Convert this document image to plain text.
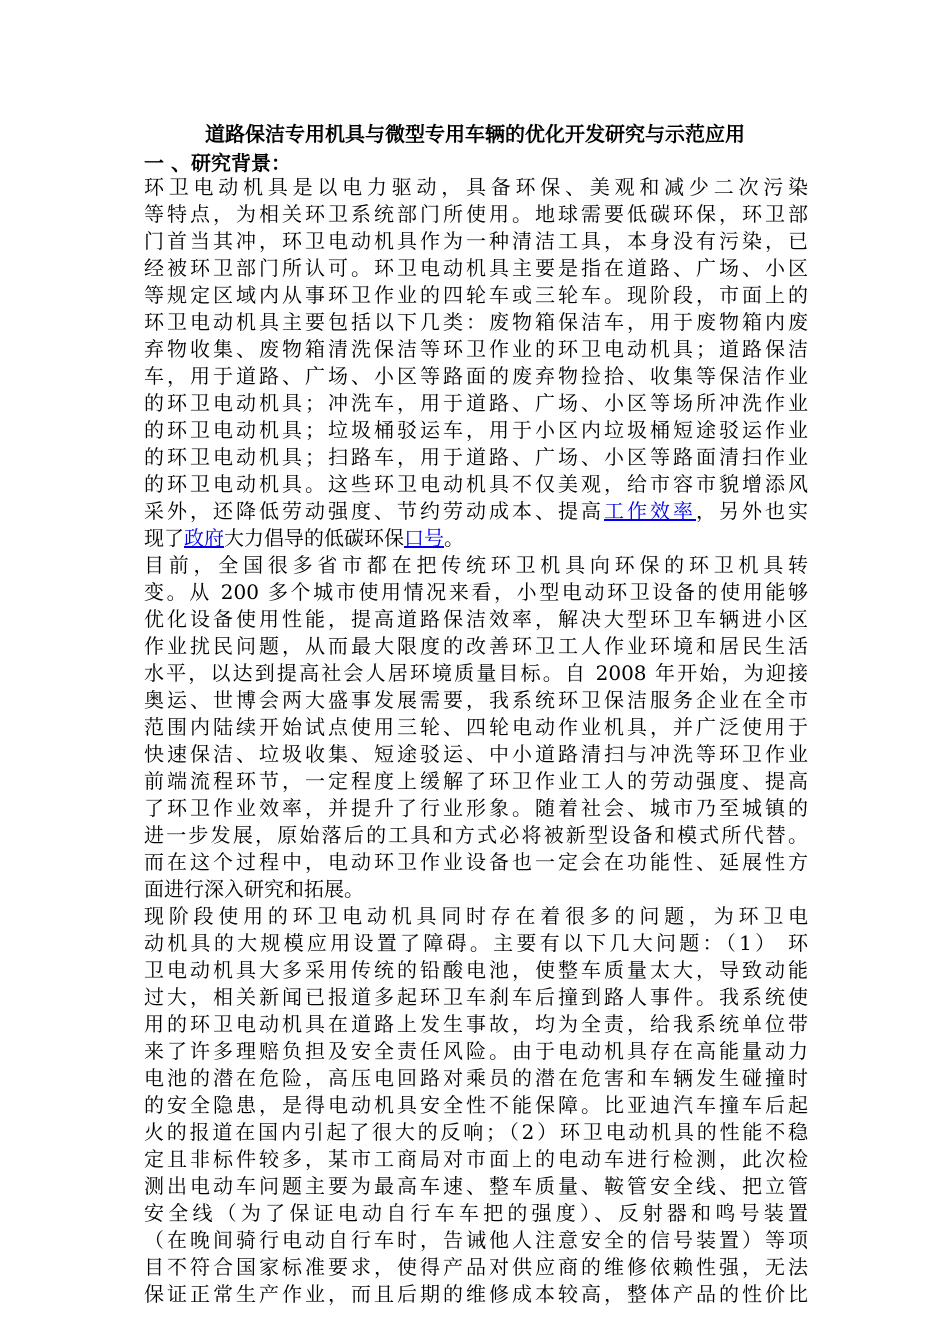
道路保洁专用机具与微型专用车辆的优化开发研究与示范应用
一 、研究背景：

环卫电动机具是以电力驱动，具备环保、美观和减少二次污染
等特点，为相关环卫系统部门所使用。地球需要低碳环保，环卫部
门首当其冲，环卫电动机具作为一种清洁工具，本身没有污染，已
经被环卫部门所认可。环卫电动机具主要是指在道路、广场、小区
等规定区域内从事环卫作业的四轮车或三轮车。现阶段，市面上的
环卫电动机具主要包括以下几类：废物箱保洁车，用于废物箱内废
弃物收集、废物箱清洗保洁等环卫作业的环卫电动机具；道路保洁
车，用于道路、广场、小区等路面的废弃物捡拾、收集等保洁作业
的环卫电动机具；冲洗车，用于道路、广场、小区等场所冲洗作业
的环卫电动机具；垃圾桶驳运车，用于小区内垃圾桶短途驳运作业
的环卫电动机具；扫路车，用于道路、广场、小区等路面清扫作业
的环卫电动机具。这些环卫电动机具不仅美观，给市容市貌增添风
采外，还降低劳动强度、节约劳动成本、提高工作效率，另外也实
现了政府大力倡导的低碳环保口号。

目前，全国很多省市都在把传统环卫机具向环保的环卫机具转
变。从 200 多个城市使用情况来看，小型电动环卫设备的使用能够
优化设备使用性能，提高道路保洁效率，解决大型环卫车辆进小区
作业扰民问题，从而最大限度的改善环卫工人作业环境和居民生活
水平，以达到提高社会人居环境质量目标。自 2008 年开始，为迎接
奥运、世博会两大盛事发展需要，我系统环卫保洁服务企业在全市
范围内陆续开始试点使用三轮、四轮电动作业机具，并广泛使用于
快速保洁、垃圾收集、短途驳运、中小道路清扫与冲洗等环卫作业
前端流程环节，一定程度上缓解了环卫作业工人的劳动强度、提高
了环卫作业效率，并提升了行业形象。随着社会、城市乃至城镇的
进一步发展，原始落后的工具和方式必将被新型设备和模式所代替。
而在这个过程中，电动环卫作业设备也一定会在功能性、延展性方
面进行深入研究和拓展。

现阶段使用的环卫电动机具同时存在着很多的问题，为环卫电
动机具的大规模应用设置了障碍。主要有以下几大问题：（1） 环
卫电动机具大多采用传统的铅酸电池，使整车质量太大，导致动能
过大，相关新闻已报道多起环卫车刹车后撞到路人事件。我系统使
用的环卫电动机具在道路上发生事故，均为全责，给我系统单位带
来了许多理赔负担及安全责任风险。由于电动机具存在高能量动力
电池的潜在危险，高压电回路对乘员的潜在危害和车辆发生碰撞时
的安全隐患，是得电动机具安全性不能保障。比亚迪汽车撞车后起
火的报道在国内引起了很大的反响；（2）环卫电动机具的性能不稳
定且非标件较多，某市工商局对市面上的电动车进行检测，此次检
测出电动车问题主要为最高车速、整车质量、鞍管安全线、把立管
安全线（为了保证电动自行车车把的强度）、反射器和鸣号装置
（在晚间骑行电动自行车时，告诫他人注意安全的信号装置）等项
目不符合国家标准要求，使得产品对供应商的维修依赖性强，无法
保证正常生产作业，而且后期的维修成本较高，整体产品的性价比
